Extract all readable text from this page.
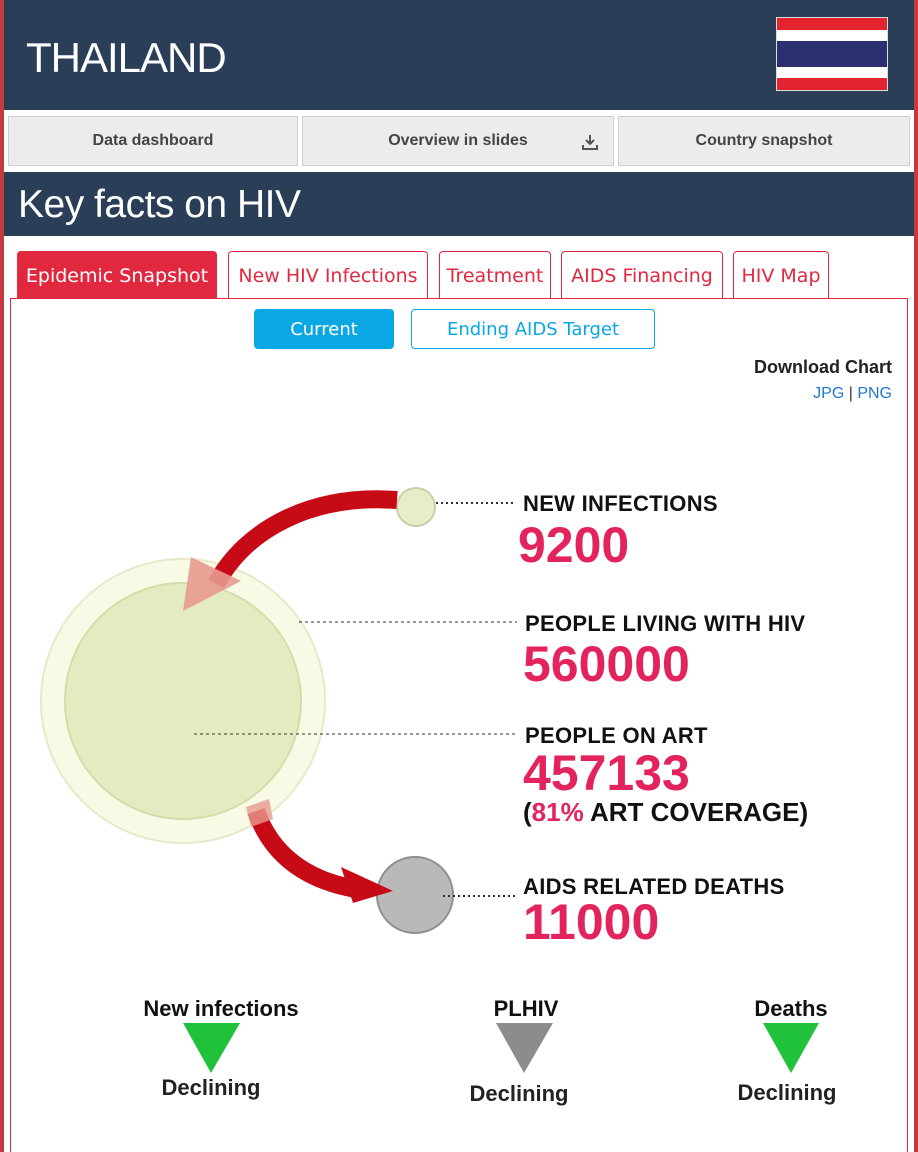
THAILAND
Data dashboard	Overview in slides	Country snapshot
Key facts on HIV
Epidemic Snapshot	New HIV Infections	Treatment	AIDS Financing	HIV Map
Current	Ending AIDS Target
Download Chart
JPG | PNG
NEW INFECTIONS
9200
PEOPLE LIVING WITH HIV
560000
PEOPLE ON ART
457133
(81% ART COVERAGE)
AIDS RELATED DEATHS
11000
New infections
Declining
PLHIV
Declining
Deaths
Declining
